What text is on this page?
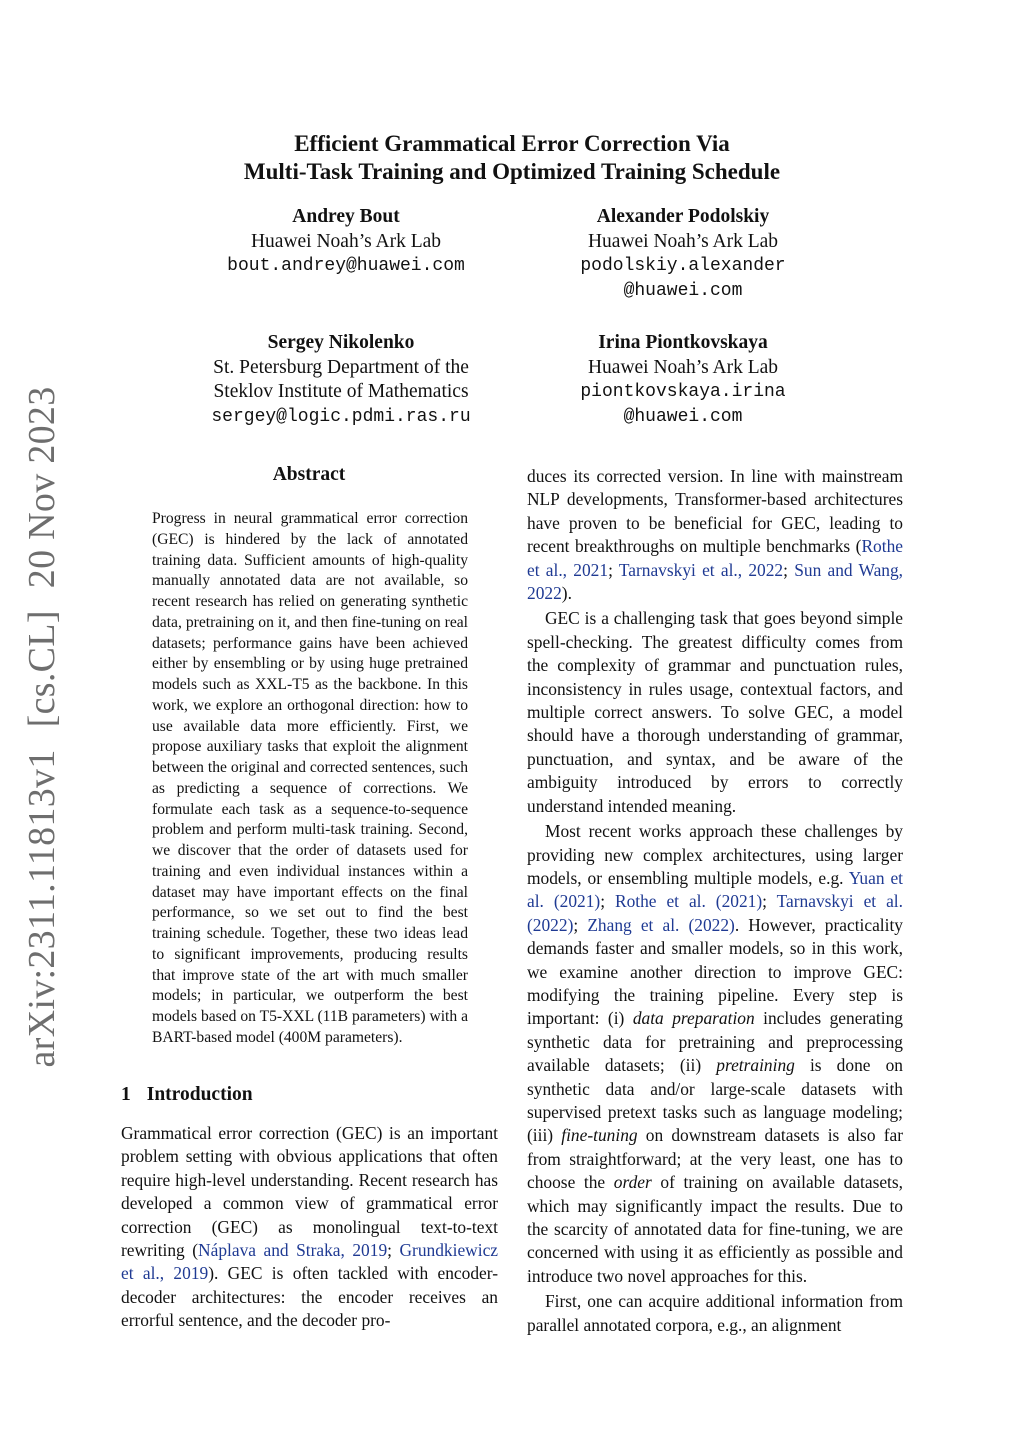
arXiv:2311.11813v1[cs.CL]20 Nov 2023
Efficient Grammatical Error Correction Via
Multi-Task Training and Optimized Training Schedule
Andrey Bout
Huawei Noah’s Ark Lab
bout.andrey@huawei.com
Alexander Podolskiy
Huawei Noah’s Ark Lab
podolskiy.alexander
@huawei.com
Sergey Nikolenko
St. Petersburg Department of the
Steklov Institute of Mathematics
sergey@logic.pdmi.ras.ru
Irina Piontkovskaya
Huawei Noah’s Ark Lab
piontkovskaya.irina
@huawei.com
Abstract
Progress in neural grammatical error correction (GEC) is hindered by the lack of annotated training data. Sufficient amounts of high-quality manually annotated data are not available, so recent research has relied on generating synthetic data, pretraining on it, and then fine-tuning on real datasets; performance gains have been achieved either by ensembling or by using huge pretrained models such as XXL-T5 as the backbone. In this work, we explore an orthogonal direction: how to use available data more efficiently. First, we propose auxiliary tasks that exploit the alignment between the original and corrected sentences, such as predicting a sequence of corrections. We formulate each task as a sequence-to-sequence problem and perform multi-task training. Second, we discover that the order of datasets used for training and even individual instances within a dataset may have important effects on the final performance, so we set out to find the best training schedule. Together, these two ideas lead to significant improvements, producing results that improve state of the art with much smaller models; in particular, we outperform the best models based on T5-XXL (11B parameters) with a BART-based model (400M parameters).
1 Introduction
Grammatical error correction (GEC) is an important problem setting with obvious applications that often require high-level understanding. Recent research has developed a common view of grammatical error correction (GEC) as monolingual text-to-text rewriting (Náplava and Straka, 2019; Grundkiewicz et al., 2019). GEC is often tackled with encoder-decoder architectures: the encoder receives an errorful sentence, and the decoder pro-

duces its corrected version. In line with mainstream NLP developments, Transformer-based architectures have proven to be beneficial for GEC, leading to recent breakthroughs on multiple benchmarks (Rothe et al., 2021; Tarnavskyi et al., 2022; Sun and Wang, 2022).

GEC is a challenging task that goes beyond simple spell-checking. The greatest difficulty comes from the complexity of grammar and punctuation rules, inconsistency in rules usage, contextual factors, and multiple correct answers. To solve GEC, a model should have a thorough understanding of grammar, punctuation, and syntax, and be aware of the ambiguity introduced by errors to correctly understand intended meaning.

Most recent works approach these challenges by providing new complex architectures, using larger models, or ensembling multiple models, e.g. Yuan et al. (2021); Rothe et al. (2021); Tarnavskyi et al. (2022); Zhang et al. (2022). However, practicality demands faster and smaller models, so in this work, we examine another direction to improve GEC: modifying the training pipeline. Every step is important: (i) data preparation includes generating synthetic data for pretraining and preprocessing available datasets; (ii) pretraining is done on synthetic data and/or large-scale datasets with supervised pretext tasks such as language modeling; (iii) fine-tuning on downstream datasets is also far from straightforward; at the very least, one has to choose the order of training on available datasets, which may significantly impact the results. Due to the scarcity of annotated data for fine-tuning, we are concerned with using it as efficiently as possible and introduce two novel approaches for this.

First, one can acquire additional information from parallel annotated corpora, e.g., an alignment
